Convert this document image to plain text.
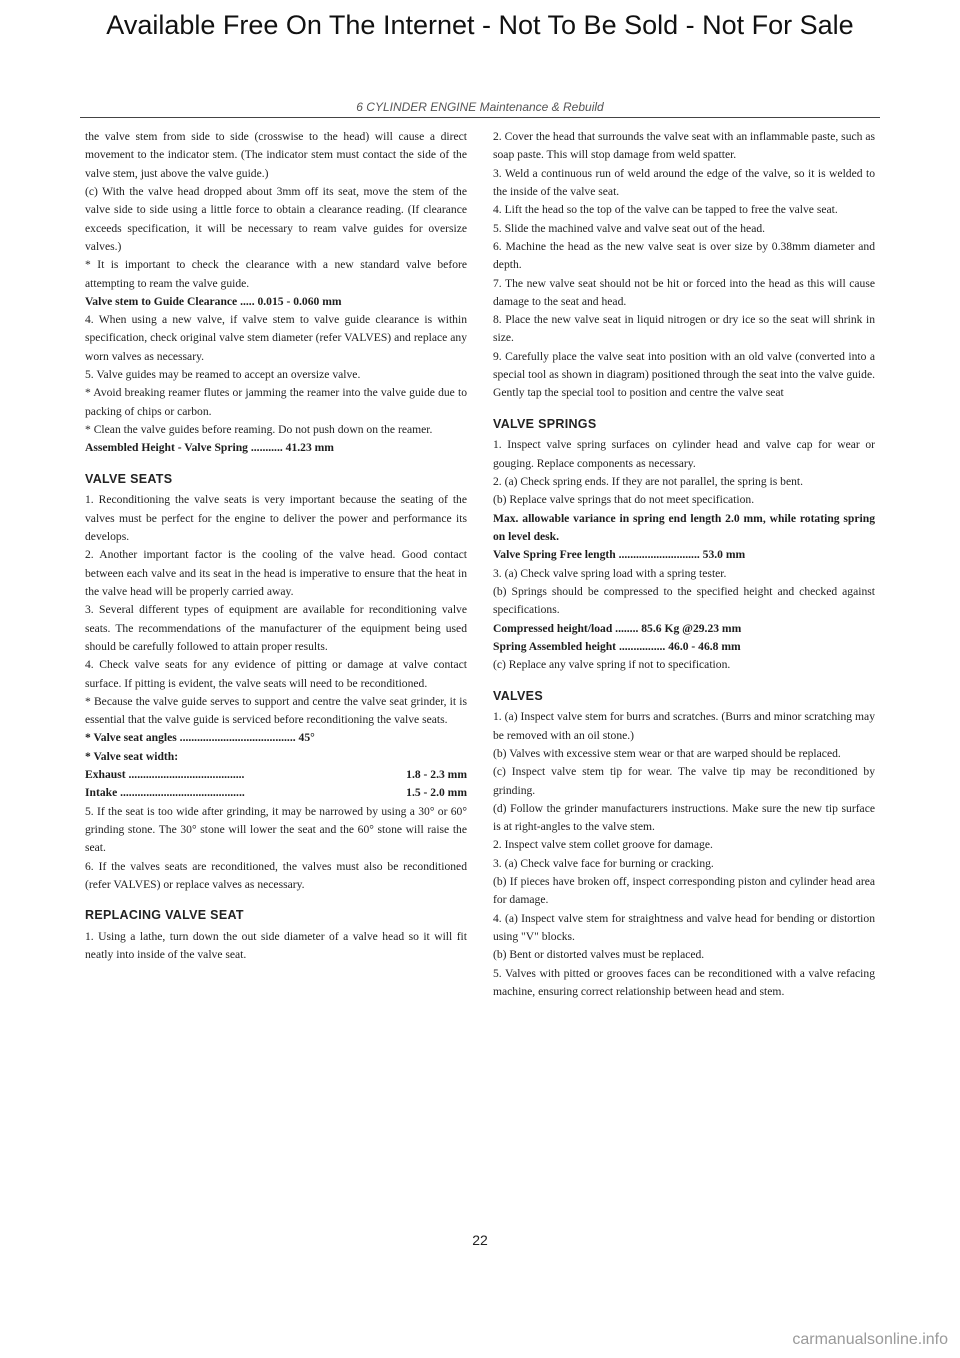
Available Free On The Internet - Not To Be Sold - Not For Sale
6 CYLINDER ENGINE Maintenance & Rebuild

the valve stem from side to side (crosswise to the head) will cause a direct movement to the indicator stem. (The indicator stem must contact the side of the valve stem, just above the valve guide.)

(c) With the valve head dropped about 3mm off its seat, move the stem of the valve side to side using a little force to obtain a clearance reading. (If clearance exceeds specification, it will be necessary to ream valve guides for oversize valves.)

* It is important to check the clearance with a new standard valve before attempting to ream the valve guide.

Valve stem to Guide Clearance ..... 0.015 - 0.060 mm

4. When using a new valve, if valve stem to valve guide clearance is within specification, check original valve stem diameter (refer VALVES) and replace any worn valves as necessary.

5. Valve guides may be reamed to accept an oversize valve.

* Avoid breaking reamer flutes or jamming the reamer into the valve guide due to packing of chips or carbon.

* Clean the valve guides before reaming. Do not push down on the reamer.

Assembled Height - Valve Spring ........... 41.23 mm

VALVE SEATS

1. Reconditioning the valve seats is very important because the seating of the valves must be perfect for the engine to deliver the power and performance its develops.

2. Another important factor is the cooling of the valve head. Good contact between each valve and its seat in the head is imperative to ensure that the heat in the valve head will be properly carried away.

3. Several different types of equipment are available for reconditioning valve seats. The recommendations of the manufacturer of the equipment being used should be carefully followed to attain proper results.

4. Check valve seats for any evidence of pitting or damage at valve contact surface. If pitting is evident, the valve seats will need to be reconditioned.

* Because the valve guide serves to support and centre the valve seat grinder, it is essential that the valve guide is serviced before reconditioning the valve seats.

* Valve seat angles ........................................ 45°

* Valve seat width:

Exhaust ........................................	1.8 - 2.3 mm

Intake ...........................................	1.5 - 2.0 mm

5. If the seat is too wide after grinding, it may be narrowed by using a 30° or 60° grinding stone. The 30° stone will lower the seat and the 60° stone will raise the seat.

6. If the valves seats are reconditioned, the valves must also be reconditioned (refer VALVES) or replace valves as necessary.

REPLACING VALVE SEAT

1. Using a lathe, turn down the out side diameter of a valve head so it will fit neatly into inside of the valve seat.

2. Cover the head that surrounds the valve seat with an inflammable paste, such as soap paste. This will stop damage from weld spatter.

3. Weld a continuous run of weld around the edge of the valve, so it is welded to the inside of the valve seat.

4. Lift the head so the top of the valve can be tapped to free the valve seat.

5. Slide the machined valve and valve seat out of the head.

6. Machine the head as the new valve seat is over size by 0.38mm diameter and depth.

7. The new valve seat should not be hit or forced into the head as this will cause damage to the seat and head.

8. Place the new valve seat in liquid nitrogen or dry ice so the seat will shrink in size.

9. Carefully place the valve seat into position with an old valve (converted into a special tool as shown in diagram) positioned through the seat into the valve guide. Gently tap the special tool to position and centre the valve seat

VALVE SPRINGS

1. Inspect valve spring surfaces on cylinder head and valve cap for wear or gouging. Replace components as necessary.

2. (a) Check spring ends. If they are not parallel, the spring is bent.

(b) Replace valve springs that do not meet specification.

Max. allowable variance in spring end length 2.0 mm, while rotating spring on level desk.

Valve Spring Free length ............................ 53.0 mm

3. (a) Check valve spring load with a spring tester.

(b) Springs should be compressed to the specified height and checked against specifications.

Compressed height/load ........ 85.6 Kg @29.23 mm

Spring Assembled height ................ 46.0 - 46.8 mm

(c) Replace any valve spring if not to specification.

VALVES

1. (a) Inspect valve stem for burrs and scratches. (Burrs and minor scratching may be removed with an oil stone.)

(b) Valves with excessive stem wear or that are warped should be replaced.

(c) Inspect valve stem tip for wear. The valve tip may be reconditioned by grinding.

(d) Follow the grinder manufacturers instructions. Make sure the new tip surface is at right-angles to the valve stem.

2. Inspect valve stem collet groove for damage.

3. (a) Check valve face for burning or cracking.

(b) If pieces have broken off, inspect corresponding piston and cylinder head area for damage.

4. (a) Inspect valve stem for straightness and valve head for bending or distortion using "V" blocks.

(b) Bent or distorted valves must be replaced.

5. Valves with pitted or grooves faces can be reconditioned with a valve refacing machine, ensuring correct relationship between head and stem.

22
carmanualsonline.info
